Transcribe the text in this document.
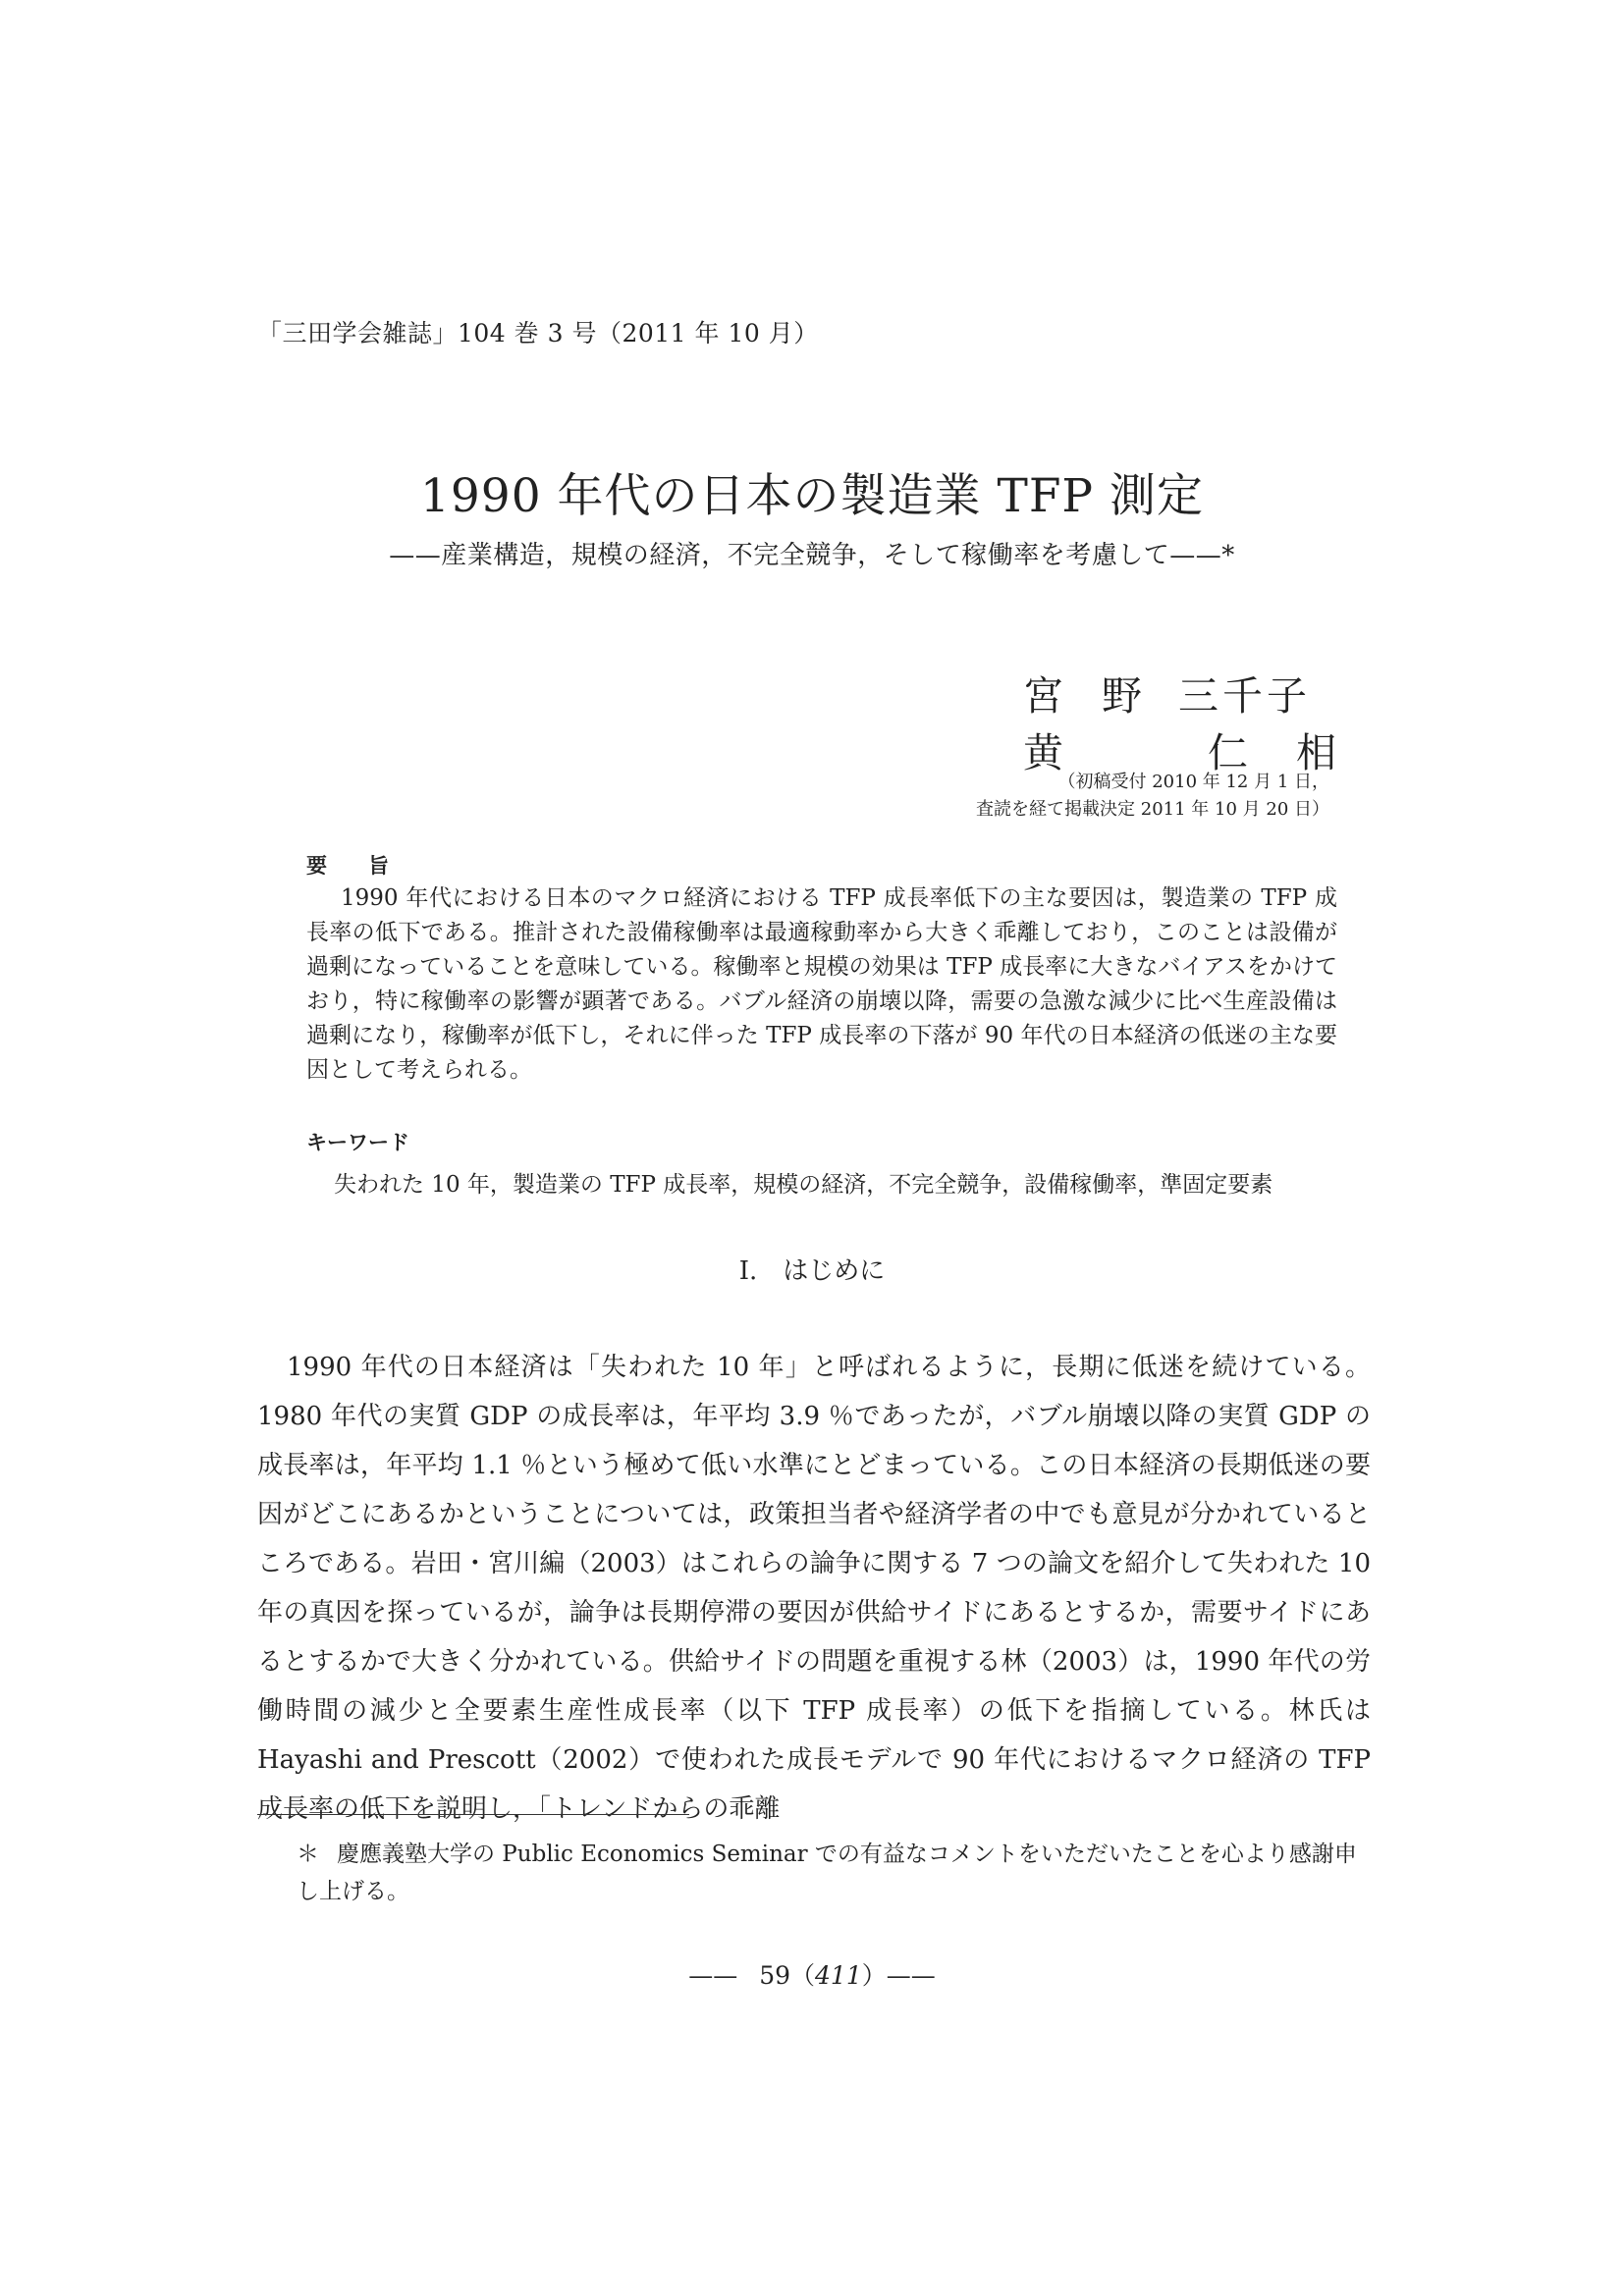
「三田学会雑誌」104 巻 3 号（2011 年 10 月）
1990 年代の日本の製造業 TFP 測定
——産業構造，規模の経済，不完全競争，そして稼働率を考慮して——*
宮 野 三千子
黄	仁　相
（初稿受付 2010 年 12 月 1 日，
査読を経て掲載決定 2011 年 10 月 20 日）
要　　旨
1990 年代における日本のマクロ経済における TFP 成長率低下の主な要因は，製造業の TFP 成長率の低下である。推計された設備稼働率は最適稼動率から大きく乖離しており，このことは設備が過剰になっていることを意味している。稼働率と規模の効果は TFP 成長率に大きなバイアスをかけており，特に稼働率の影響が顕著である。バブル経済の崩壊以降，需要の急激な減少に比べ生産設備は過剰になり，稼働率が低下し，それに伴った TFP 成長率の下落が 90 年代の日本経済の低迷の主な要因として考えられる。
キーワード
失われた 10 年，製造業の TFP 成長率，規模の経済，不完全競争，設備稼働率，準固定要素
I.　はじめに
1990 年代の日本経済は「失われた 10 年」と呼ばれるように，長期に低迷を続けている。1980 年代の実質 GDP の成長率は，年平均 3.9 ％であったが，バブル崩壊以降の実質 GDP の成長率は，年平均 1.1 ％という極めて低い水準にとどまっている。この日本経済の長期低迷の要因がどこにあるかということについては，政策担当者や経済学者の中でも意見が分かれているところである。岩田・宮川編（2003）はこれらの論争に関する 7 つの論文を紹介して失われた 10 年の真因を探っているが，論争は長期停滞の要因が供給サイドにあるとするか，需要サイドにあるとするかで大きく分かれている。供給サイドの問題を重視する林（2003）は，1990 年代の労働時間の減少と全要素生産性成長率（以下 TFP 成長率）の低下を指摘している。林氏は Hayashi and Prescott（2002）で使われた成長モデルで 90 年代におけるマクロ経済の TFP 成長率の低下を説明し，「トレンドからの乖離
＊ 慶應義塾大学の Public Economics Seminar での有益なコメントをいただいたことを心より感謝申し上げる。
—— 59（411）——
